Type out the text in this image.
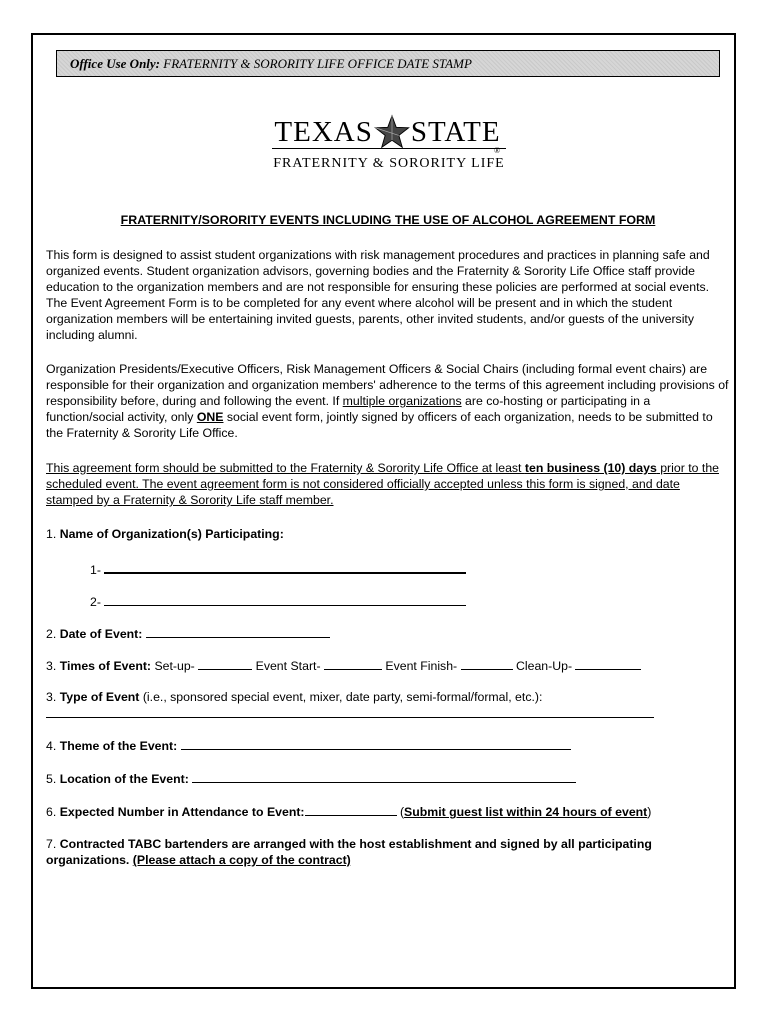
Office Use Only: FRATERNITY & SORORITY LIFE OFFICE DATE STAMP
TEXAS STATE
®
FRATERNITY & SORORITY LIFE
FRATERNITY/SORORITY EVENTS INCLUDING THE USE OF ALCOHOL AGREEMENT FORM

This form is designed to assist student organizations with risk management procedures and practices in planning safe and organized events. Student organization advisors, governing bodies and the Fraternity & Sorority Life Office staff provide education to the organization members and are not responsible for ensuring these policies are performed at social events. The Event Agreement Form is to be completed for any event where alcohol will be present and in which the student organization members will be entertaining invited guests, parents, other invited students, and/or guests of the university including alumni.

Organization Presidents/Executive Officers, Risk Management Officers & Social Chairs (including formal event chairs) are responsible for their organization and organization members' adherence to the terms of this agreement including provisions of responsibility before, during and following the event. If multiple organizations are co-hosting or participating in a function/social activity, only ONE social event form, jointly signed by officers of each organization, needs to be submitted to the Fraternity & Sorority Life Office.

This agreement form should be submitted to the Fraternity & Sorority Life Office at least ten business (10) days prior to the scheduled event. The event agreement form is not considered officially accepted unless this form is signed, and date stamped by a Fraternity & Sorority Life staff member.

1. Name of Organization(s) Participating:
1-
2-
2. Date of Event:
3. Times of Event: Set-up-	Event Start-	Event Finish-	Clean-Up-
3. Type of Event (i.e., sponsored special event, mixer, date party, semi-formal/formal, etc.):
4. Theme of the Event:
5. Location of the Event:
6. Expected Number in Attendance to Event:	(Submit guest list within 24 hours of event)

7. Contracted TABC bartenders are arranged with the host establishment and signed by all participating organizations. (Please attach a copy of the contract)
